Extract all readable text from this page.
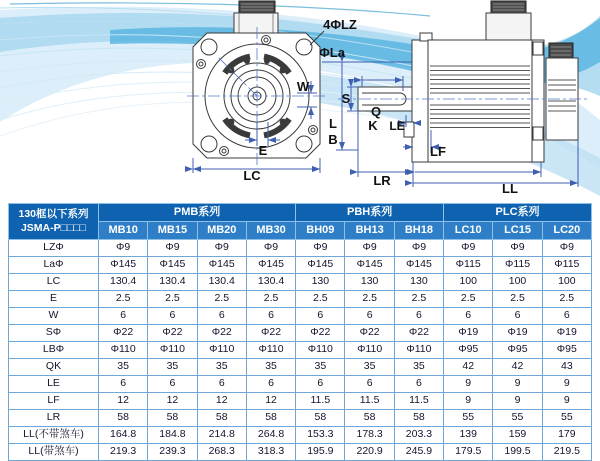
4ΦLZ
ΦLa
W
E
LC
S
Q
K LE
L
B
LF
LR
LL
130框以下系列
JSMA-P□□□□	PMB系列				PBH系列			PLC系列		
	MB10	MB15	MB20	MB30	BH09	BH13	BH18	LC10	LC15	LC20
LZΦ	Φ9	Φ9	Φ9	Φ9	Φ9	Φ9	Φ9	Φ9	Φ9	Φ9
LaΦ	Φ145	Φ145	Φ145	Φ145	Φ145	Φ145	Φ145	Φ115	Φ115	Φ115
LC	130.4	130.4	130.4	130.4	130	130	130	100	100	100
E	2.5	2.5	2.5	2.5	2.5	2.5	2.5	2.5	2.5	2.5
W	6	6	6	6	6	6	6	6	6	6
SΦ	Φ22	Φ22	Φ22	Φ22	Φ22	Φ22	Φ22	Φ19	Φ19	Φ19
LBΦ	Φ110	Φ110	Φ110	Φ110	Φ110	Φ110	Φ110	Φ95	Φ95	Φ95
QK	35	35	35	35	35	35	35	42	42	43
LE	6	6	6	6	6	6	6	9	9	9
LF	12	12	12	12	11.5	11.5	11.5	9	9	9
LR	58	58	58	58	58	58	58	55	55	55
LL(不带煞车)	164.8	184.8	214.8	264.8	153.3	178.3	203.3	139	159	179
LL(带煞车)	219.3	239.3	268.3	318.3	195.9	220.9	245.9	179.5	199.5	219.5
